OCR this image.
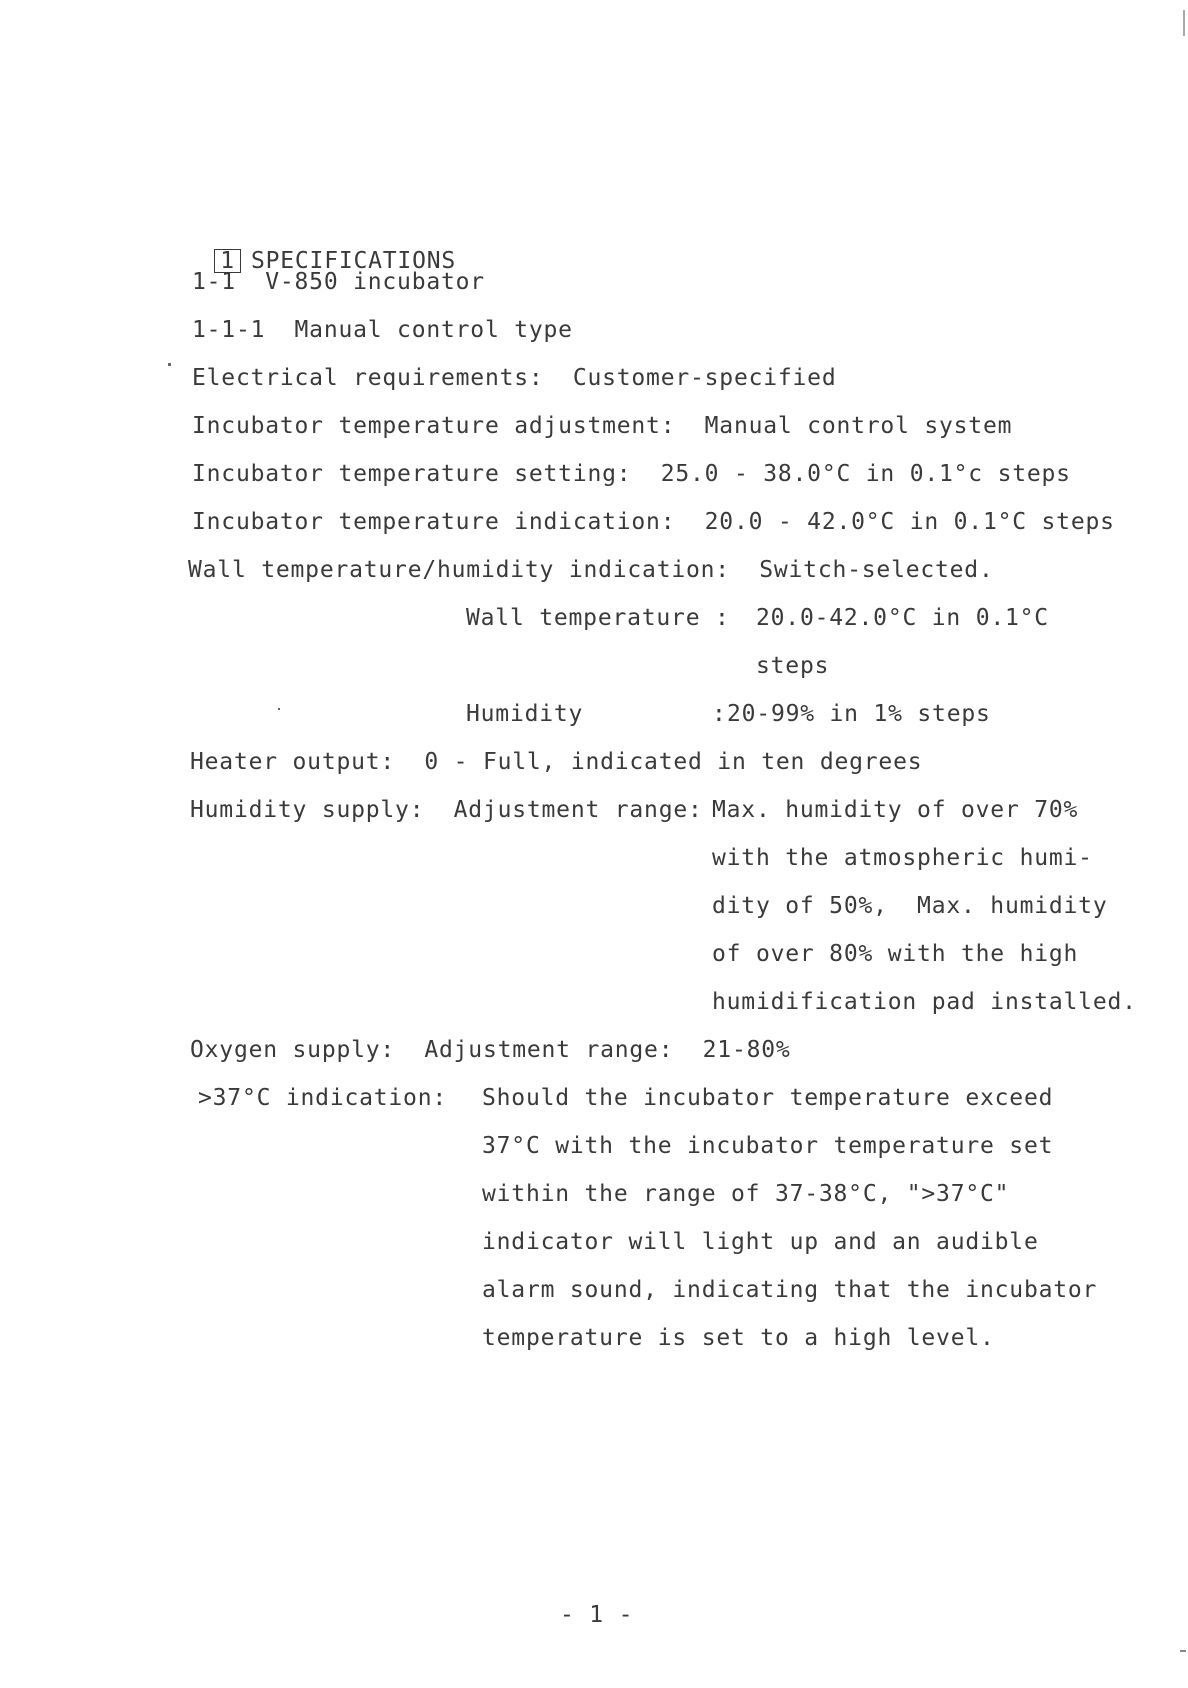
1 SPECIFICATIONS

1-1  V-850 incubator
1-1-1  Manual control type
Electrical requirements:  Customer-specified
Incubator temperature adjustment:  Manual control system
Incubator temperature setting:  25.0 - 38.0°C in 0.1°c steps
Incubator temperature indication:  20.0 - 42.0°C in 0.1°C steps
Wall temperature/humidity indication:  Switch-selected.
Wall temperature : 20.0-42.0°C in 0.1°C
steps
Humidity	: 20-99% in 1% steps
Heater output:  0 - Full, indicated in ten degrees
Humidity supply:  Adjustment range: Max. humidity of over 70%
with the atmospheric humi-
dity of 50%,  Max. humidity
of over 80% with the high
humidification pad installed.
Oxygen supply:  Adjustment range:  21-80%
>37°C indication: Should the incubator temperature exceed
37°C with the incubator temperature set
within the range of 37-38°C, ">37°C"
indicator will light up and an audible
alarm sound, indicating that the incubator
temperature is set to a high level.
- 1 -
